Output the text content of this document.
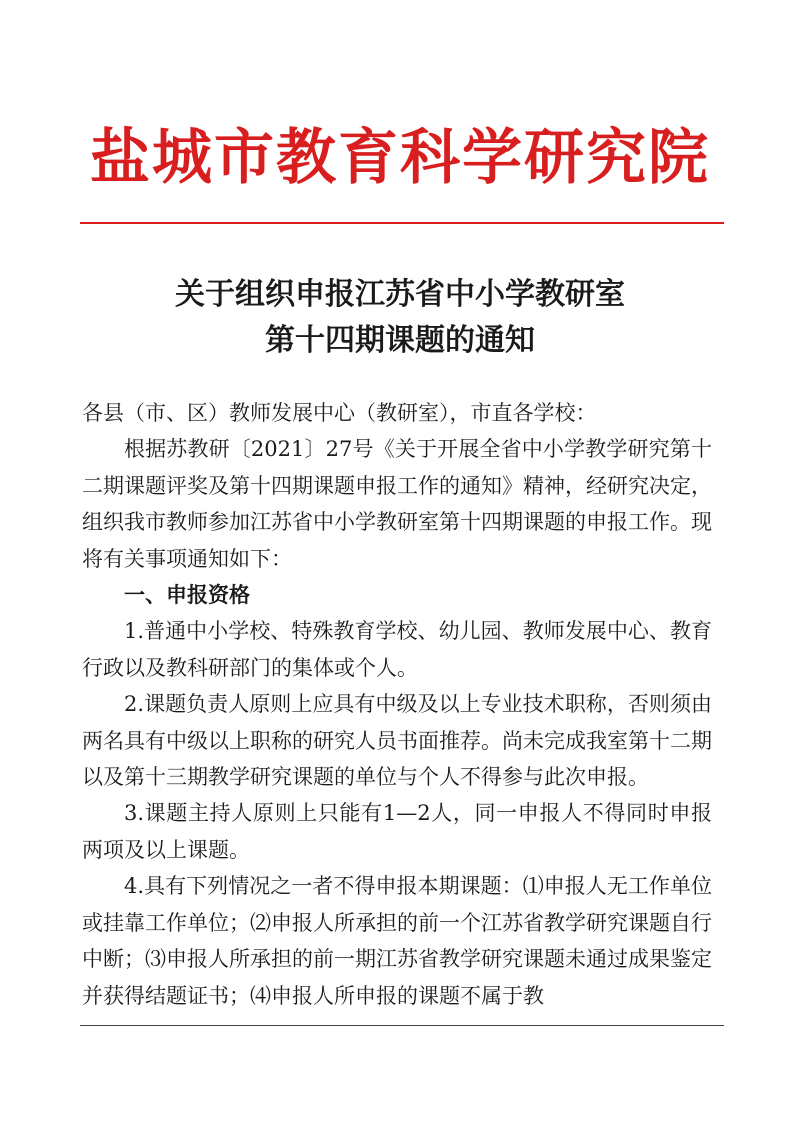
盐城市教育科学研究院
关于组织申报江苏省中小学教研室
第十四期课题的通知

各县（市、区）教师发展中心（教研室），市直各学校：

根据苏教研〔2021〕27号《关于开展全省中小学教学研究第十二期课题评奖及第十四期课题申报工作的通知》精神，经研究决定，组织我市教师参加江苏省中小学教研室第十四期课题的申报工作。现将有关事项通知如下：

一、申报资格

1.普通中小学校、特殊教育学校、幼儿园、教师发展中心、教育行政以及教科研部门的集体或个人。

2.课题负责人原则上应具有中级及以上专业技术职称，否则须由两名具有中级以上职称的研究人员书面推荐。尚未完成我室第十二期以及第十三期教学研究课题的单位与个人不得参与此次申报。

3.课题主持人原则上只能有1—2人，同一申报人不得同时申报两项及以上课题。

4.具有下列情况之一者不得申报本期课题：⑴申报人无工作单位或挂靠工作单位；⑵申报人所承担的前一个江苏省教学研究课题自行中断；⑶申报人所承担的前一期江苏省教学研究课题未通过成果鉴定并获得结题证书；⑷申报人所申报的课题不属于教
